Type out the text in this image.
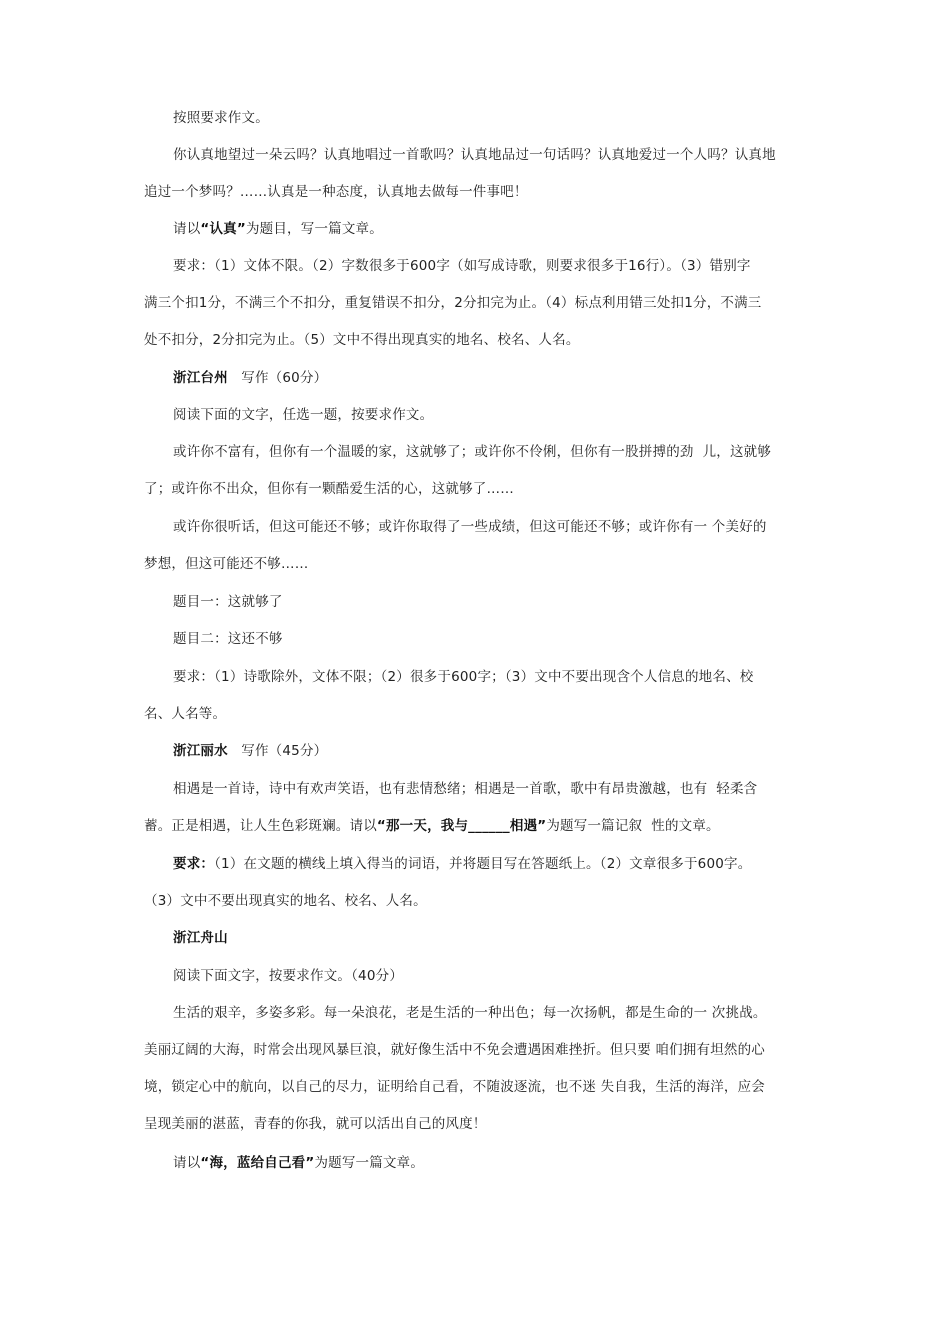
按照要求作文。

你认真地望过一朵云吗？认真地唱过一首歌吗？认真地品过一句话吗？认真地爱过一个人吗？认真地
追过一个梦吗？……认真是一种态度，认真地去做每一件事吧！

请以“认真”为题目，写一篇文章。

要求：（1）文体不限。（2）字数很多于600字（如写成诗歌，则要求很多于16行）。（3）错别字
满三个扣1分，不满三个不扣分，重复错误不扣分，2分扣完为止。（4）标点利用错三处扣1分，不满三
处不扣分，2分扣完为止。（5）文中不得出现真实的地名、校名、人名。

浙江台州   写作（60分）

阅读下面的文字，任选一题，按要求作文。

或许你不富有，但你有一个温暖的家，这就够了；或许你不伶俐，但你有一股拼搏的劲  儿，这就够
了；或许你不出众，但你有一颗酷爱生活的心，这就够了……

或许你很听话，但这可能还不够；或许你取得了一些成绩，但这可能还不够；或许你有一 个美好的
梦想，但这可能还不够……

题目一：这就够了

题目二：这还不够

要求：（1）诗歌除外，文体不限；（2）很多于600字；（3）文中不要出现含个人信息的地名、校
名、人名等。

浙江丽水   写作（45分）

相遇是一首诗，诗中有欢声笑语，也有悲情愁绪；相遇是一首歌，歌中有昂贵激越，也有  轻柔含
蓄。正是相遇，让人生色彩斑斓。请以“那一天，我与______相遇”为题写一篇记叙  性的文章。

要求：（1）在文题的横线上填入得当的词语，并将题目写在答题纸上。（2）文章很多于600字。
（3）文中不要出现真实的地名、校名、人名。

浙江舟山

阅读下面文字，按要求作文。（40分）

生活的艰辛，多姿多彩。每一朵浪花，老是生活的一种出色；每一次扬帆，都是生命的一 次挑战。
美丽辽阔的大海，时常会出现风暴巨浪，就好像生活中不免会遭遇困难挫折。但只要 咱们拥有坦然的心
境，锁定心中的航向，以自己的尽力，证明给自己看，不随波逐流，也不迷 失自我，生活的海洋，应会
呈现美丽的湛蓝，青春的你我，就可以活出自己的风度！

请以“海，蓝给自己看”为题写一篇文章。
